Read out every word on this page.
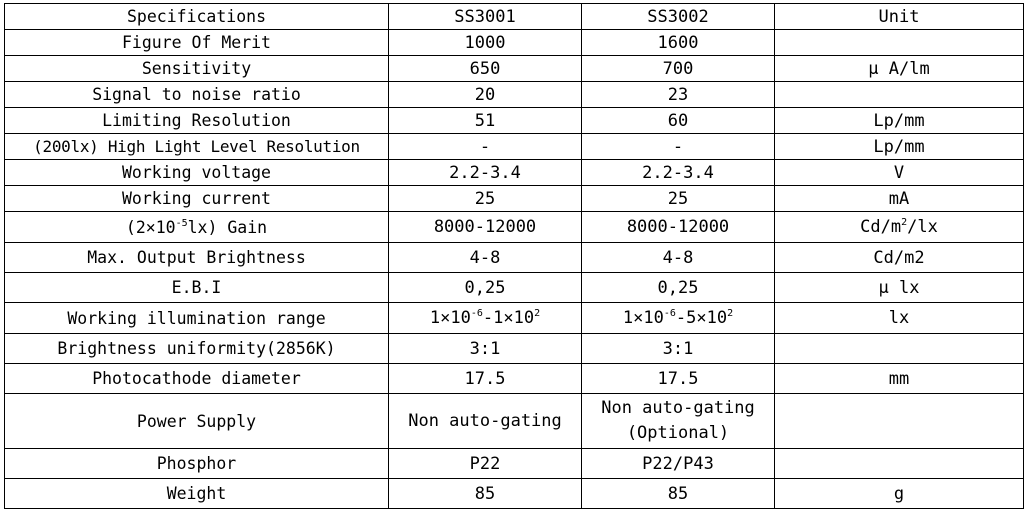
Specifications	SS3001	SS3002	Unit
Figure Of Merit	1000	1600	
Sensitivity	650	700	μ A/lm
Signal to noise ratio	20	23	
Limiting Resolution	51	60	Lp/mm
(200lx) High Light Level Resolution	-	-	Lp/mm
Working voltage	2.2-3.4	2.2-3.4	V
Working current	25	25	mA
$(2\times 10^{-5}lx)$ Gain	8000-12000	8000-12000	$Cd/m^2/lx$
Max. Output Brightness	4-8	4-8	Cd/m2
E.B.I	0,25	0,25	μ lx
Working illumination range	$1\times 10^{-6}-1\times 10^2$	$1\times 10^{-6}-5\times 10^2$	lx
Brightness uniformity(2856K)	3:1	3:1	
Photocathode diameter	17.5	17.5	mm
Power Supply	Non auto-gating	Non auto-gating
(Optional)	

Phosphor	P22	P22/P43	
Weight	85	85	g
